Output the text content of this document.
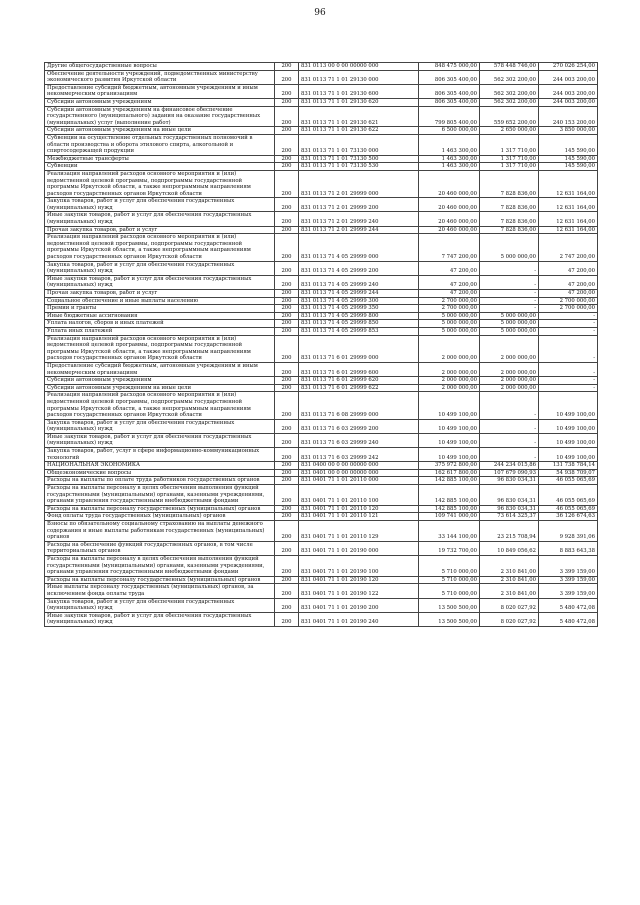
96
Другие общегосударственные вопросы	200	831 0113 00 0 00 00000 000	848 475 000,00	578 448 746,00	270 026 254,00
Обеспечение деятельности учреждений, подведомственных министерству экономического развития Иркутской области	200	831 0113 71 1 01 29130 000	806 305 400,00	562 302 200,00	244 003 200,00
Предоставление субсидий бюджетным, автономным учреждениям и иным некоммерческим организациям	200	831 0113 71 1 01 29130 600	806 305 400,00	562 302 200,00	244 003 200,00
Субсидии автономным учреждениям	200	831 0113 71 1 01 29130 620	806 305 400,00	562 302 200,00	244 003 200,00
Субсидии автономным учреждениям на финансовое обеспечение государственного (муниципального) задания на оказание государственных (муниципальных) услуг (выполнение работ)	200	831 0113 71 1 01 29130 621	799 805 400,00	559 652 200,00	240 153 200,00
Субсидии автономным учреждениям на иные цели	200	831 0113 71 1 01 29130 622	6 500 000,00	2 650 000,00	3 850 000,00
Субвенции на осуществление отдельных государственных полномочий в области производства и оборота этилового спирта, алкогольной и спиртосодержащей продукции	200	831 0113 71 1 01 73130 000	1 463 300,00	1 317 710,00	145 590,00
Межбюджетные трансферты	200	831 0113 71 1 01 73130 500	1 463 300,00	1 317 710,00	145 590,00
Субвенции	200	831 0113 71 1 01 73130 530	1 463 300,00	1 317 710,00	145 590,00
Реализация направлений расходов основного мероприятия и (или) ведомственной целевой программы, подпрограммы государственной программы Иркутской области, а также непрограммным направлениям расходов государственных органов Иркутской области	200	831 0113 71 2 01 29999 000	20 460 000,00	7 828 836,00	12 631 164,00
Закупка товаров, работ и услуг для обеспечения государственных (муниципальных) нужд	200	831 0113 71 2 01 29999 200	20 460 000,00	7 828 836,00	12 631 164,00
Иные закупки товаров, работ и услуг для обеспечения государственных (муниципальных) нужд	200	831 0113 71 2 01 29999 240	20 460 000,00	7 828 836,00	12 631 164,00
Прочая закупка товаров, работ и услуг	200	831 0113 71 2 01 29999 244	20 460 000,00	7 828 836,00	12 631 164,00
Реализация направлений расходов основного мероприятия и (или) ведомственной целевой программы, подпрограммы государственной программы Иркутской области, а также непрограммным направлениям расходов государственных органов Иркутской области	200	831 0113 71 4 05 29999 000	7 747 200,00	5 000 000,00	2 747 200,00
Закупка товаров, работ и услуг для обеспечения государственных (муниципальных) нужд	200	831 0113 71 4 05 29999 200	47 200,00	-	47 200,00
Иные закупки товаров, работ и услуг для обеспечения государственных (муниципальных) нужд	200	831 0113 71 4 05 29999 240	47 200,00	-	47 200,00
Прочая закупка товаров, работ и услуг	200	831 0113 71 4 05 29999 244	47 200,00	-	47 200,00
Социальное обеспечение и иные выплаты населению	200	831 0113 71 4 05 29999 300	2 700 000,00	-	2 700 000,00
Премии и гранты	200	831 0113 71 4 05 29999 350	2 700 000,00	-	2 700 000,00
Иные бюджетные ассигнования	200	831 0113 71 4 05 29999 800	5 000 000,00	5 000 000,00	-
Уплата налогов, сборов и иных платежей	200	831 0113 71 4 05 29999 850	5 000 000,00	5 000 000,00	-
Уплата иных платежей	200	831 0113 71 4 05 29999 853	5 000 000,00	5 000 000,00	-
Реализация направлений расходов основного мероприятия и (или) ведомственной целевой программы, подпрограммы государственной программы Иркутской области, а также непрограммным направлениям расходов государственных органов Иркутской области	200	831 0113 71 6 01 29999 000	2 000 000,00	2 000 000,00	-
Предоставление субсидий бюджетным, автономным учреждениям и иным некоммерческим организациям	200	831 0113 71 6 01 29999 600	2 000 000,00	2 000 000,00	-
Субсидии автономным учреждениям	200	831 0113 71 6 01 29999 620	2 000 000,00	2 000 000,00	-
Субсидии автономным учреждениям на иные цели	200	831 0113 71 6 01 29999 622	2 000 000,00	2 000 000,00	-
Реализация направлений расходов основного мероприятия и (или) ведомственной целевой программы, подпрограммы государственной программы Иркутской области, а также непрограммным направлениям расходов государственных органов Иркутской области	200	831 0113 71 6 08 29999 000	10 499 100,00	-	10 499 100,00
Закупка товаров, работ и услуг для обеспечения государственных (муниципальных) нужд	200	831 0113 71 6 03 29999 200	10 499 100,00	-	10 499 100,00
Иные закупки товаров, работ и услуг для обеспечения государственных (муниципальных) нужд	200	831 0113 71 6 03 29999 240	10 499 100,00	-	10 499 100,00
Закупка товаров, работ, услуг в сфере информационно-коммуникационных технологий	200	831 0113 71 6 03 29999 242	10 499 100,00	-	10 499 100,00
НАЦИОНАЛЬНАЯ ЭКОНОМИКА	200	831 0400 00 0 00 00000 000	375 972 800,00	244 234 015,86	131 738 784,14
Общеэкономические вопросы	200	831 0401 00 0 00 00000 000	162 617 800,00	107 679 090,93	54 938 709,07
Расходы на выплаты по оплате труда работников государственных органов	200	831 0401 71 1 01 20110 000	142 885 100,00	96 830 034,31	46 055 065,69
Расходы на выплаты персоналу в целях обеспечения выполнения функций государственными (муниципальными) органами, казенными учреждениями, органами управления государственными внебюджетными фондами	200	831 0401 71 1 01 20110 100	142 885 100,00	96 830 034,31	46 055 065,69
Расходы на выплаты персоналу государственных (муниципальных) органов	200	831 0401 71 1 01 20110 120	142 885 100,00	96 830 034,31	46 055 065,69
Фонд оплаты труда государственных (муниципальных) органов	200	831 0401 71 1 01 20110 121	109 741 000,00	73 614 325,37	36 126 674,63
Взносы по обязательному социальному страхованию на выплаты денежного содержания и иные выплаты работникам государственных (муниципальных) органов	200	831 0401 71 1 01 20110 129	33 144 100,00	23 215 708,94	9 928 391,06
Расходы на обеспечение функций государственных органов, в том числе территориальных органов	200	831 0401 71 1 01 20190 000	19 732 700,00	10 849 056,62	8 883 643,38
Расходы на выплаты персоналу в целях обеспечения выполнения функций государственными (муниципальными) органами, казенными учреждениями, органами управления государственными внебюджетными фондами	200	831 0401 71 1 01 20190 100	5 710 000,00	2 310 841,00	3 399 159,00
Расходы на выплаты персоналу государственных (муниципальных) органов	200	831 0401 71 1 01 20190 120	5 710 000,00	2 310 841,00	3 399 159,00
Иные выплаты персоналу государственных (муниципальных) органов, за исключением фонда оплаты труда	200	831 0401 71 1 01 20190 122	5 710 000,00	2 310 841,00	3 399 159,00
Закупка товаров, работ и услуг для обеспечения государственных (муниципальных) нужд	200	831 0401 71 1 01 20190 200	13 500 500,00	8 020 027,92	5 480 472,08
Иные закупки товаров, работ и услуг для обеспечения государственных (муниципальных) нужд	200	831 0401 71 1 01 20190 240	13 500 500,00	8 020 027,92	5 480 472,08
